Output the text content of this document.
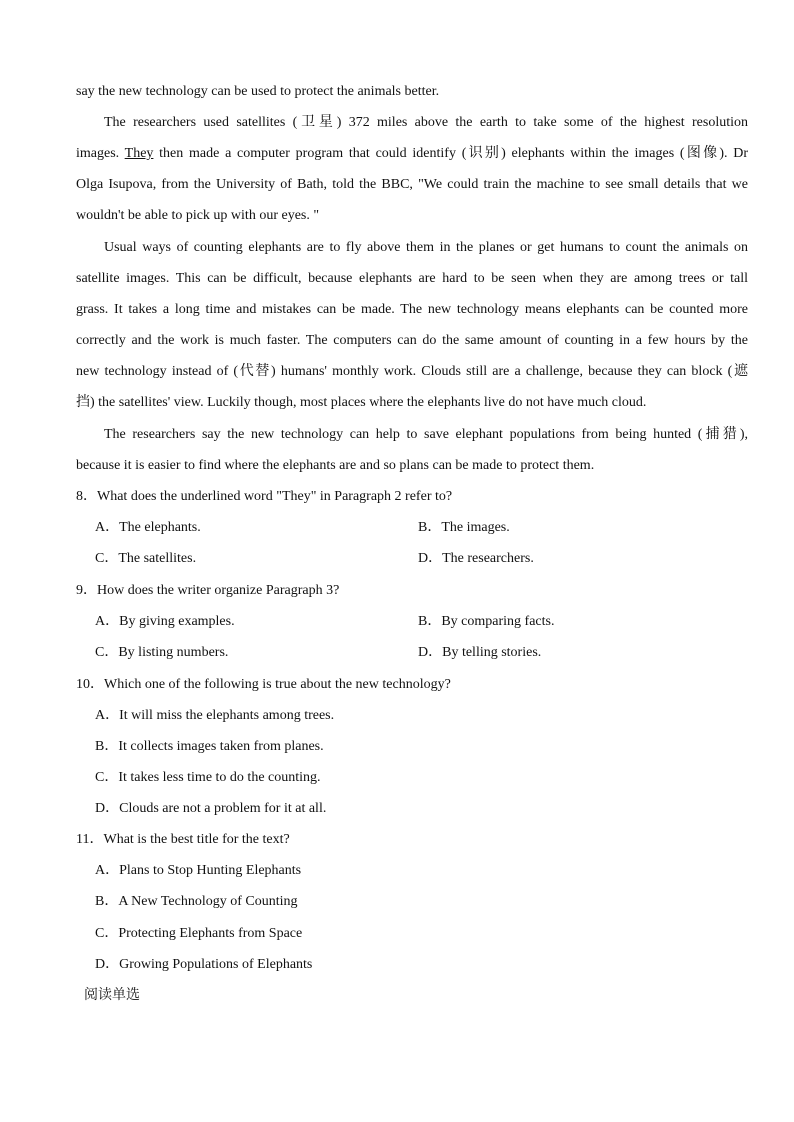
say the new technology can be used to protect the animals better.
The researchers used satellites (卫星) 372 miles above the earth to take some of the highest resolution
images. They then made a computer program that could identify (识别) elephants within the images (图像). Dr
Olga Isupova, from the University of Bath, told the BBC, "We could train the machine to see small details that we
wouldn't be able to pick up with our eyes. "
Usual ways of counting elephants are to fly above them in the planes or get humans to count the animals on
satellite images. This can be difficult, because elephants are hard to be seen when they are among trees or tall
grass. It takes a long time and mistakes can be made. The new technology means elephants can be counted more
correctly and the work is much faster. The computers can do the same amount of counting in a few hours by the
new technology instead of (代替) humans' monthly work. Clouds still are a challenge, because they can block (遮
挡) the satellites' view. Luckily though, most places where the elephants live do not have much cloud.
The researchers say the new technology can help to save elephant populations from being hunted (捕猎),
because it is easier to find where the elephants are and so plans can be made to protect them.
8．What does the underlined word "They" in Paragraph 2 refer to?
A．The elephants.	B．The images.
C．The satellites.	D．The researchers.
9．How does the writer organize Paragraph 3?
A．By giving examples.	B．By comparing facts.
C．By listing numbers.	D．By telling stories.
10．Which one of the following is true about the new technology?
A．It will miss the elephants among trees.
B．It collects images taken from planes.
C．It takes less time to do the counting.
D．Clouds are not a problem for it at all.
11．What is the best title for the text?
A．Plans to Stop Hunting Elephants
B．A New Technology of Counting
C．Protecting Elephants from Space
D．Growing Populations of Elephants
阅读单选
